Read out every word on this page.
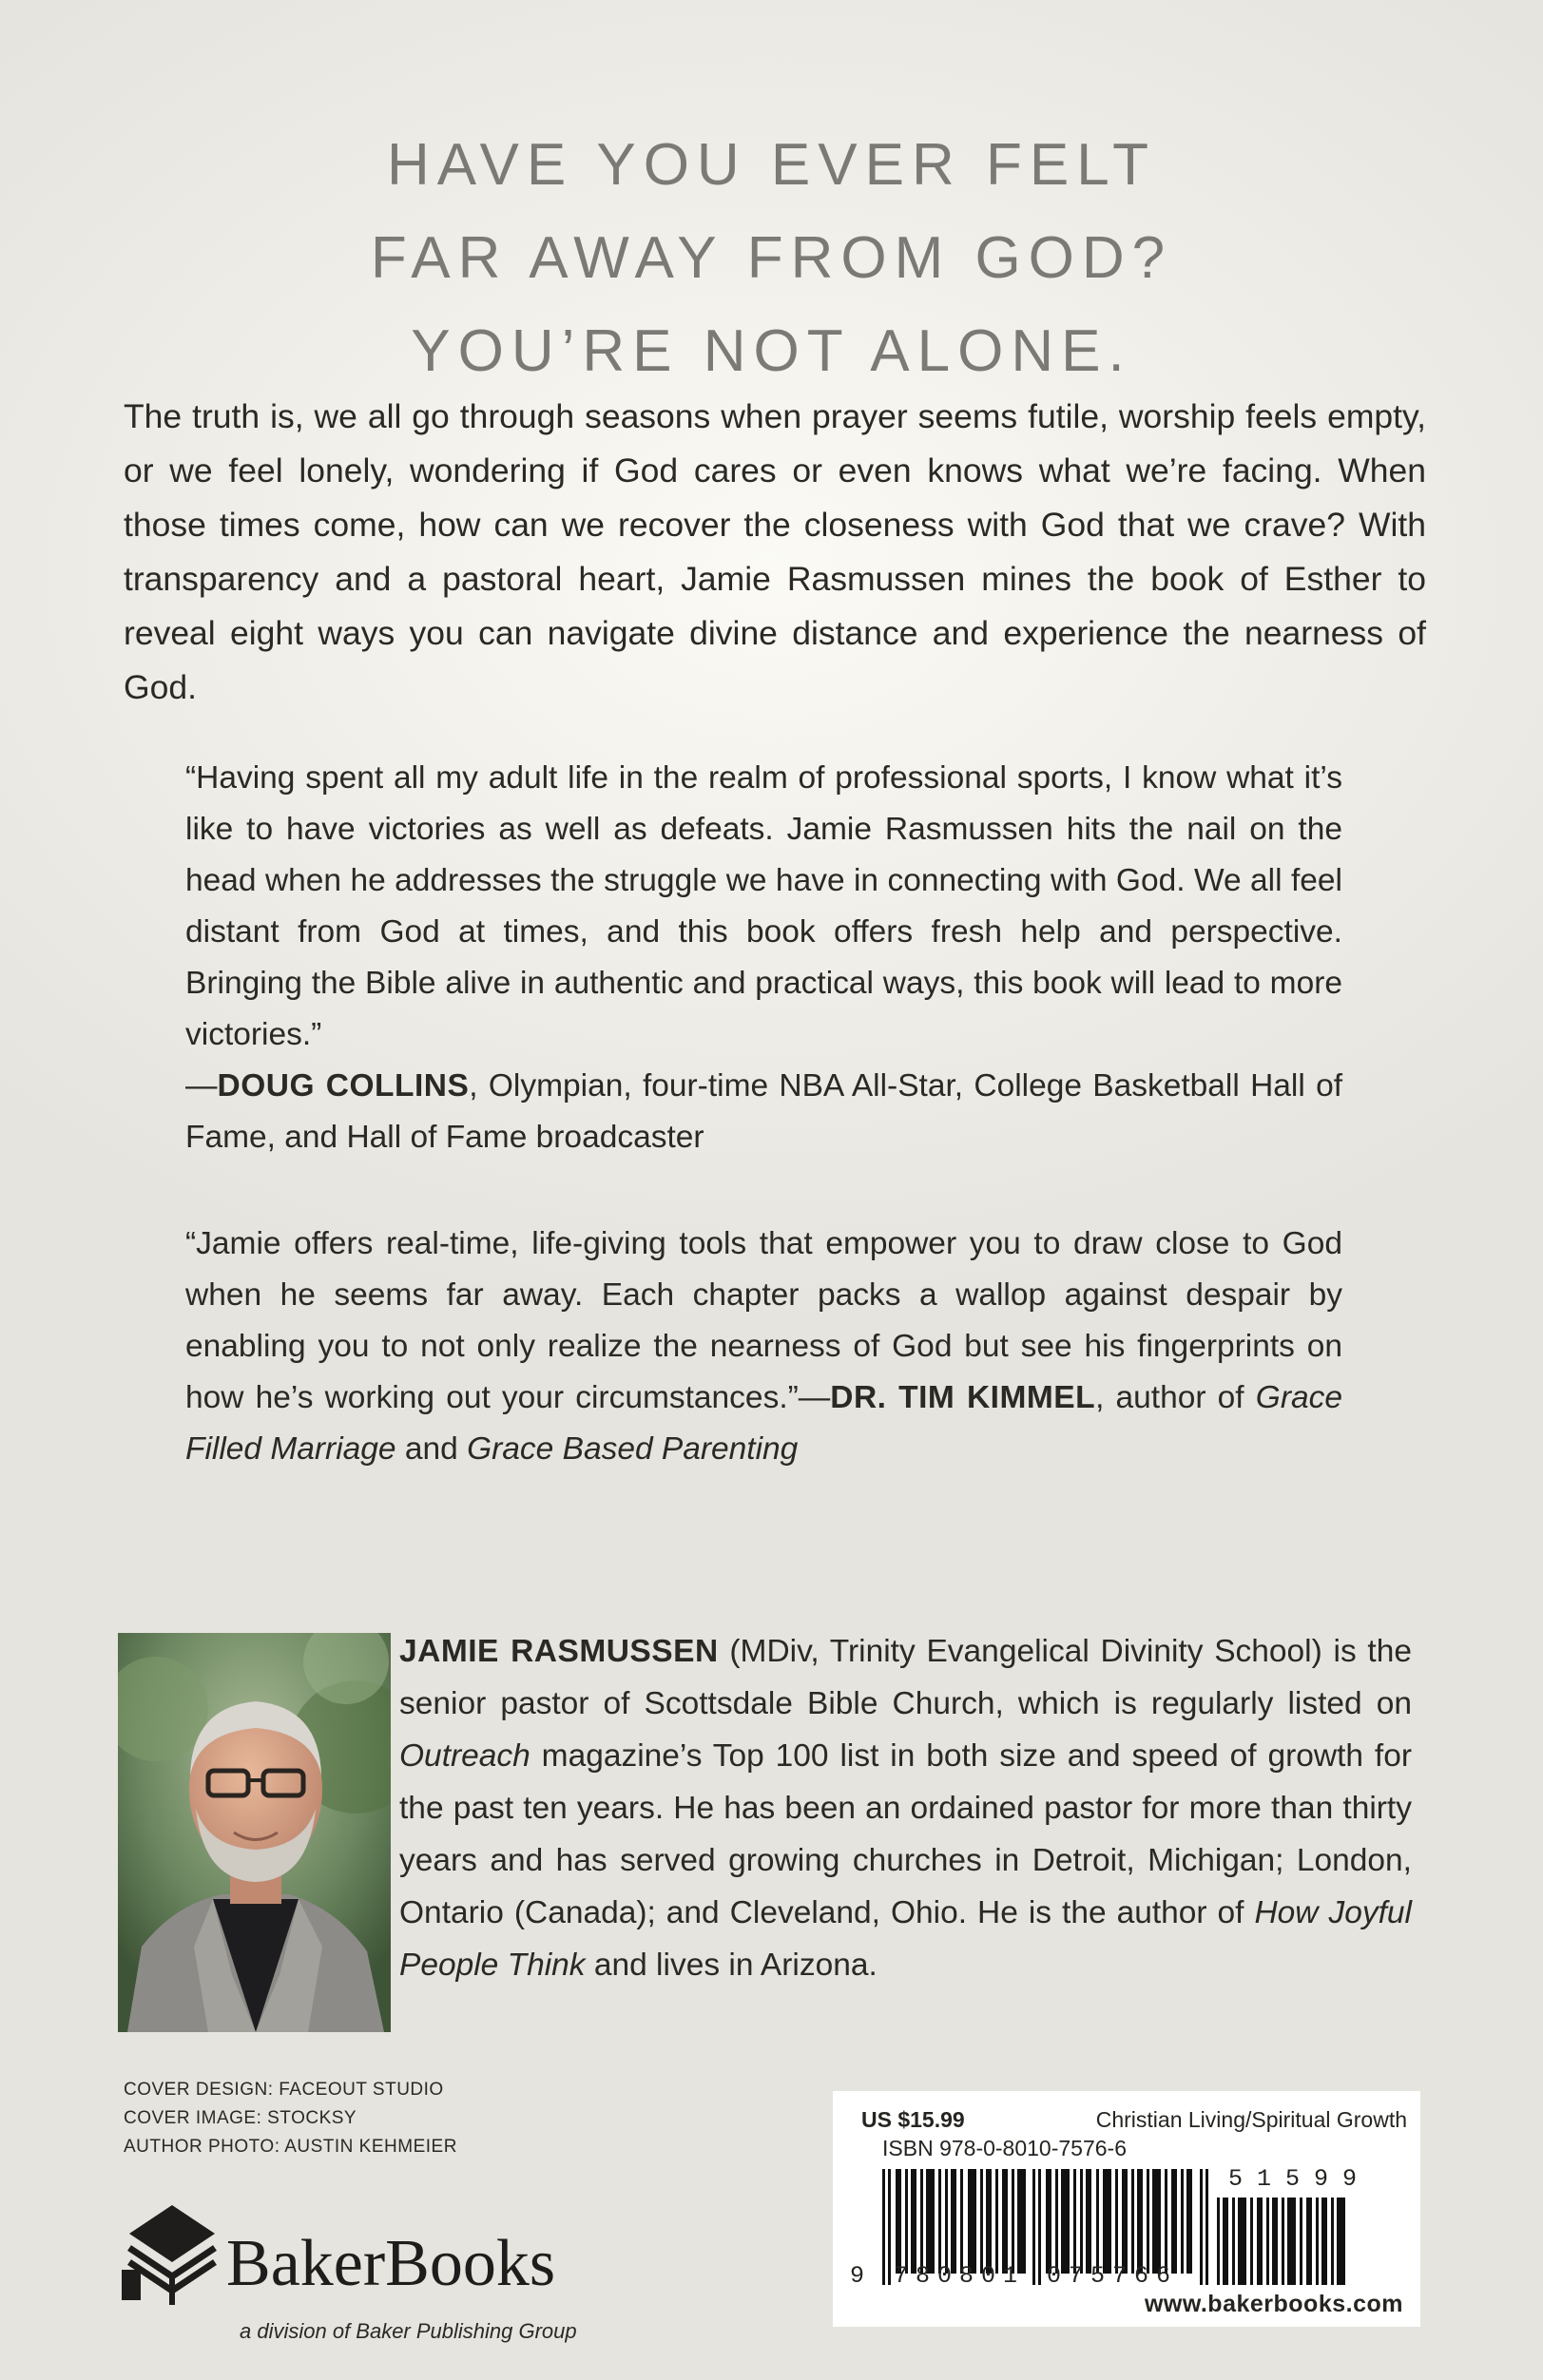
HAVE YOU EVER FELT
FAR AWAY FROM GOD?
YOU’RE NOT ALONE.
The truth is, we all go through seasons when prayer seems futile, worship feels empty, or we feel lonely, wondering if God cares or even knows what we’re facing. When those times come, how can we recover the closeness with God that we crave? With transparency and a pastoral heart, Jamie Rasmussen mines the book of Esther to reveal eight ways you can navigate divine distance and experience the nearness of God.
“Having spent all my adult life in the realm of professional sports, I know what it’s like to have victories as well as defeats. Jamie Rasmussen hits the nail on the head when he addresses the struggle we have in connecting with God. We all feel distant from God at times, and this book offers fresh help and perspective. Bringing the Bible alive in authentic and practical ways, this book will lead to more victories.”
—DOUG COLLINS, Olympian, four-time NBA All-Star, College Basketball Hall of Fame, and Hall of Fame broadcaster
“Jamie offers real-time, life-giving tools that empower you to draw close to God when he seems far away. Each chapter packs a wallop against despair by enabling you to not only realize the nearness of God but see his fingerprints on how he’s working out your circumstances.”—DR. TIM KIMMEL, author of Grace Filled Marriage and Grace Based Parenting
JAMIE RASMUSSEN (MDiv, Trinity Evangelical Divinity School) is the senior pastor of Scottsdale Bible Church, which is regularly listed on Outreach magazine’s Top 100 list in both size and speed of growth for the past ten years. He has been an ordained pastor for more than thirty years and has served growing churches in Detroit, Michigan; London, Ontario (Canada); and Cleveland, Ohio. He is the author of How Joyful People Think and lives in Arizona.
COVER DESIGN: FACEOUT STUDIO
COVER IMAGE: STOCKSY
AUTHOR PHOTO: AUSTIN KEHMEIER
BakerBooks
a division of Baker Publishing Group
US $15.99	Christian Living/Spiritual Growth
ISBN 978-0-8010-7576-6
51599
9 780801 075766
www.bakerbooks.com
